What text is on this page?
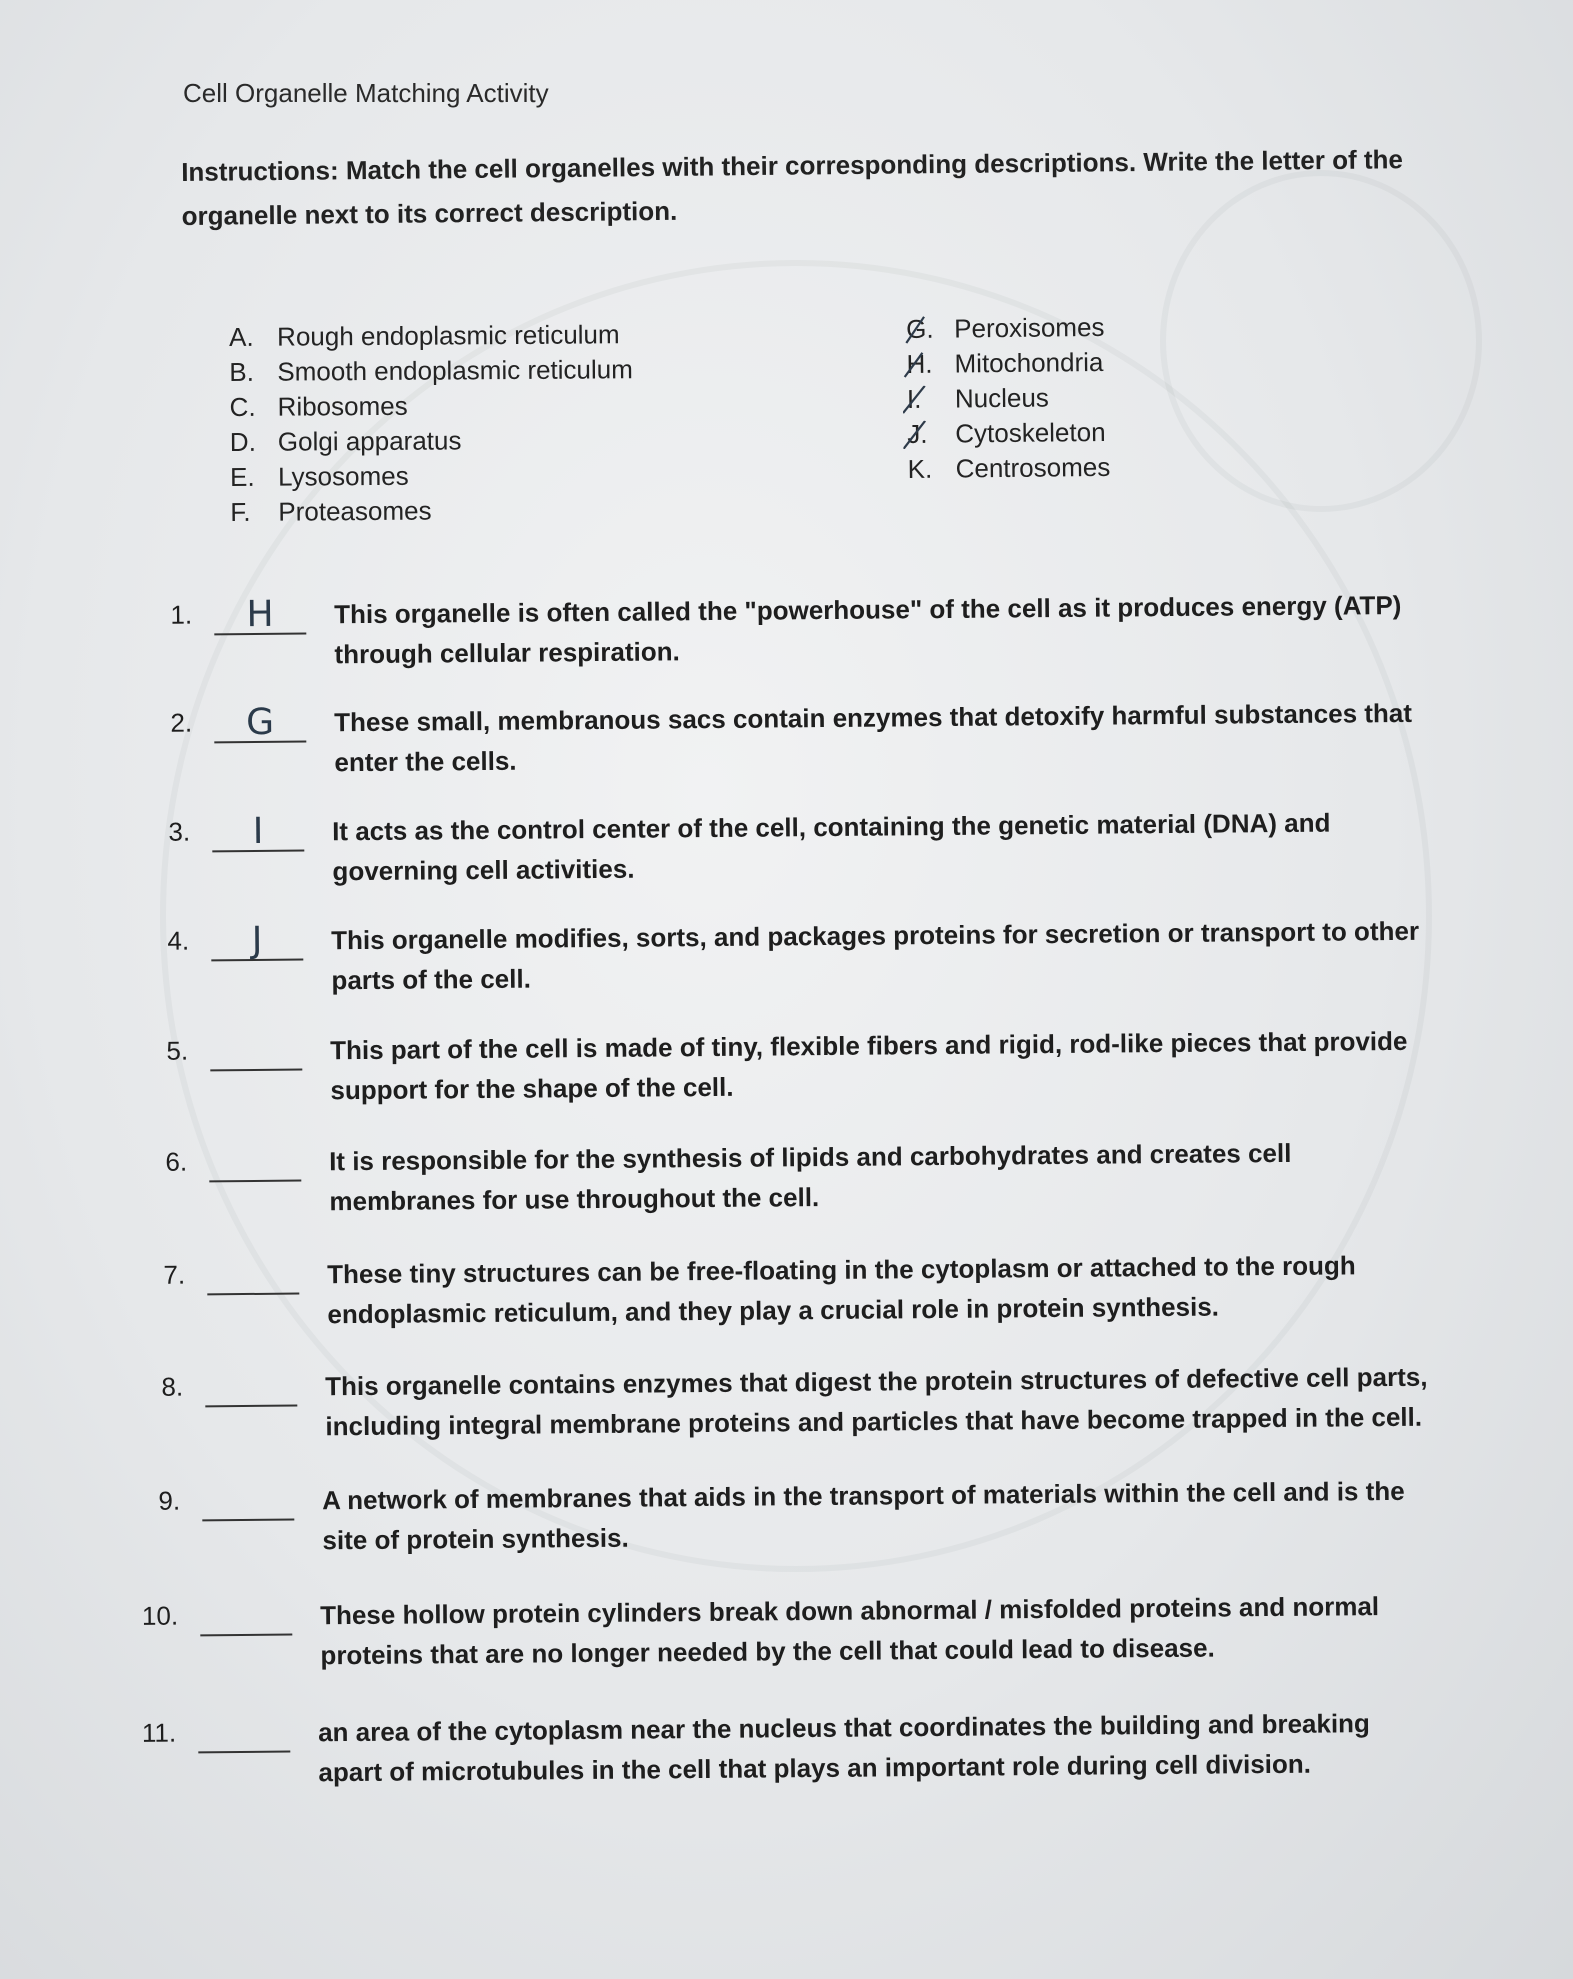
Cell Organelle Matching Activity
Instructions: Match the cell organelles with their corresponding descriptions. Write the letter of the organelle next to its correct description.
A. Rough endoplasmic reticulum
B. Smooth endoplasmic reticulum
C. Ribosomes
D. Golgi apparatus
E. Lysosomes
F.	Proteasomes
G. Peroxisomes
H. Mitochondria
I.	Nucleus
J.	Cytoskeleton
K. Centrosomes
1.	H	This organelle is often called the "powerhouse" of the cell as it produces energy (ATP) through cellular respiration.
2.	G	These small, membranous sacs contain enzymes that detoxify harmful substances that enter the cells.
3.	I	It acts as the control center of the cell, containing the genetic material (DNA) and governing cell activities.
4.	J	This organelle modifies, sorts, and packages proteins for secretion or transport to other parts of the cell.
5.	This part of the cell is made of tiny, flexible fibers and rigid, rod-like pieces that provide support for the shape of the cell.
6.	It is responsible for the synthesis of lipids and carbohydrates and creates cell membranes for use throughout the cell.
7.	These tiny structures can be free-floating in the cytoplasm or attached to the rough endoplasmic reticulum, and they play a crucial role in protein synthesis.
8.	This organelle contains enzymes that digest the protein structures of defective cell parts, including integral membrane proteins and particles that have become trapped in the cell.
9.	A network of membranes that aids in the transport of materials within the cell and is the site of protein synthesis.
10.	These hollow protein cylinders break down abnormal / misfolded proteins and normal proteins that are no longer needed by the cell that could lead to disease.
11.	an area of the cytoplasm near the nucleus that coordinates the building and breaking apart of microtubules in the cell that plays an important role during cell division.
